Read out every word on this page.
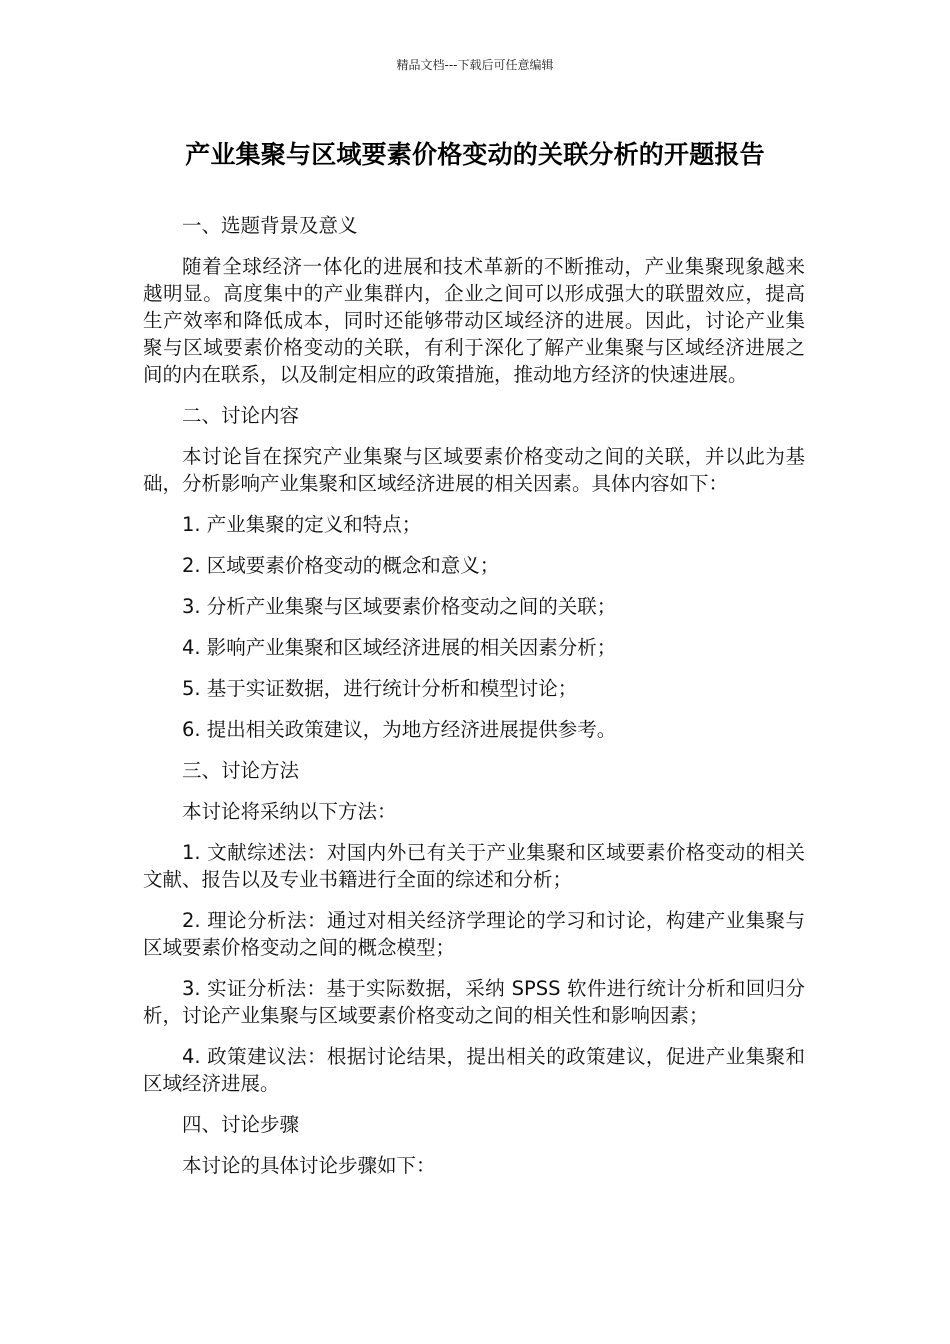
精品文档---下载后可任意编辑
产业集聚与区域要素价格变动的关联分析的开题报告

一、选题背景及意义

随着全球经济一体化的进展和技术革新的不断推动，产业集聚现象越来越明显。高度集中的产业集群内，企业之间可以形成强大的联盟效应，提高生产效率和降低成本，同时还能够带动区域经济的进展。因此，讨论产业集聚与区域要素价格变动的关联，有利于深化了解产业集聚与区域经济进展之间的内在联系，以及制定相应的政策措施，推动地方经济的快速进展。

二、讨论内容

本讨论旨在探究产业集聚与区域要素价格变动之间的关联，并以此为基础，分析影响产业集聚和区域经济进展的相关因素。具体内容如下：

1. 产业集聚的定义和特点；

2. 区域要素价格变动的概念和意义；

3. 分析产业集聚与区域要素价格变动之间的关联；

4. 影响产业集聚和区域经济进展的相关因素分析；

5. 基于实证数据，进行统计分析和模型讨论；

6. 提出相关政策建议，为地方经济进展提供参考。

三、讨论方法

本讨论将采纳以下方法：

1. 文献综述法：对国内外已有关于产业集聚和区域要素价格变动的相关文献、报告以及专业书籍进行全面的综述和分析；

2. 理论分析法：通过对相关经济学理论的学习和讨论，构建产业集聚与区域要素价格变动之间的概念模型；

3. 实证分析法：基于实际数据，采纳 SPSS 软件进行统计分析和回归分析，讨论产业集聚与区域要素价格变动之间的相关性和影响因素；

4. 政策建议法：根据讨论结果，提出相关的政策建议，促进产业集聚和区域经济进展。

四、讨论步骤

本讨论的具体讨论步骤如下：
